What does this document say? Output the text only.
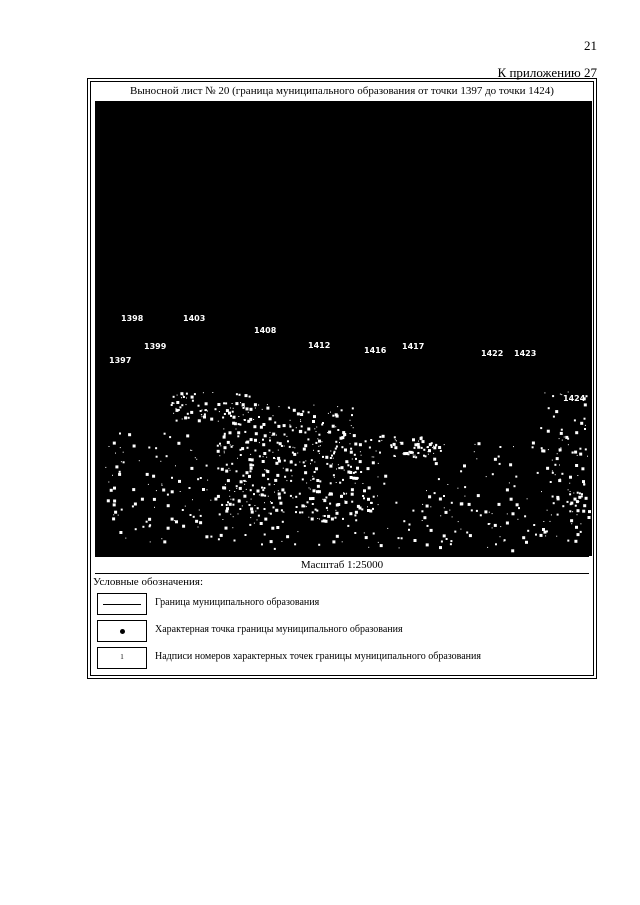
21
К приложению 27
Выносной лист № 20 (граница муниципального образования от точки 1397 до точки 1424)
1397
1398
1399
1403
1408
1412
1416 1417
1422 1423
1424
Масштаб 1:25000
Условные обозначения:
Граница муниципального образования
Характерная точка границы муниципального образования
1	Надписи номеров характерных точек границы муниципального образования
